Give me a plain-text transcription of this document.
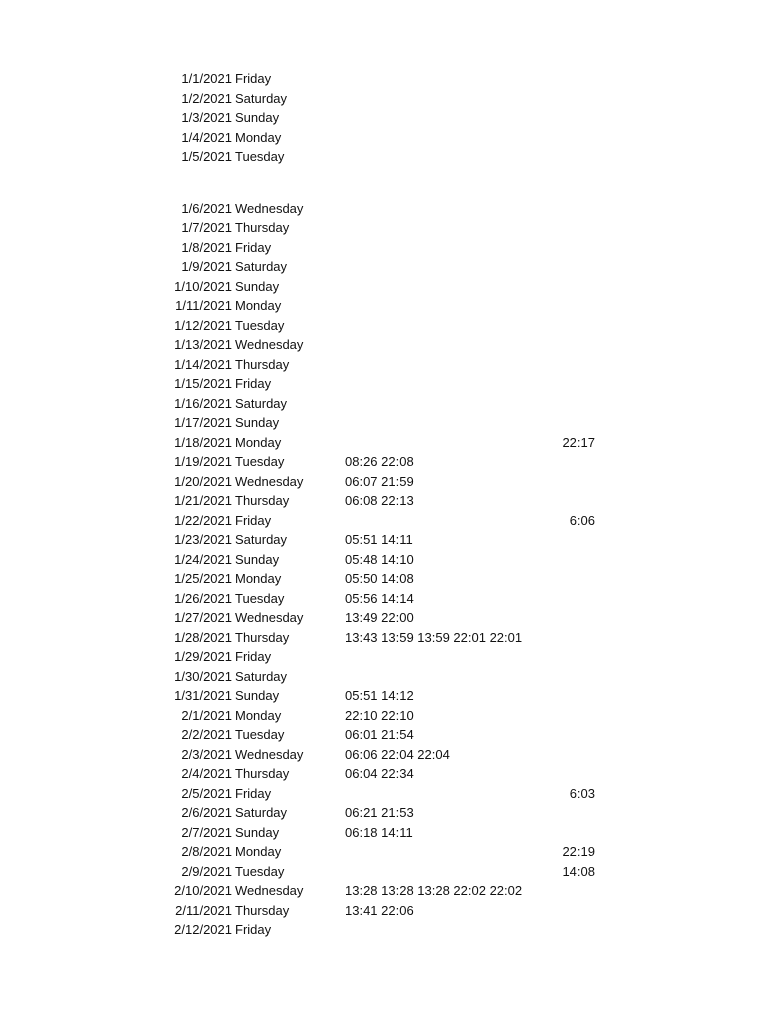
1/1/2021 Friday
1/2/2021 Saturday
1/3/2021 Sunday
1/4/2021 Monday
1/5/2021 Tuesday
1/6/2021 Wednesday
1/7/2021 Thursday
1/8/2021 Friday
1/9/2021 Saturday
1/10/2021 Sunday
1/11/2021 Monday
1/12/2021 Tuesday
1/13/2021 Wednesday
1/14/2021 Thursday
1/15/2021 Friday
1/16/2021 Saturday
1/17/2021 Sunday
1/18/2021 Monday	22:17
1/19/2021 Tuesday	08:26 22:08
1/20/2021 Wednesday	06:07 21:59
1/21/2021 Thursday	06:08 22:13
1/22/2021 Friday	6:06
1/23/2021 Saturday	05:51 14:11
1/24/2021 Sunday	05:48 14:10
1/25/2021 Monday	05:50 14:08
1/26/2021 Tuesday	05:56 14:14
1/27/2021 Wednesday	13:49 22:00
1/28/2021 Thursday	13:43 13:59 13:59 22:01 22:01
1/29/2021 Friday
1/30/2021 Saturday
1/31/2021 Sunday	05:51 14:12
2/1/2021 Monday	22:10 22:10
2/2/2021 Tuesday	06:01 21:54
2/3/2021 Wednesday	06:06 22:04 22:04
2/4/2021 Thursday	06:04 22:34
2/5/2021 Friday	6:03
2/6/2021 Saturday	06:21 21:53
2/7/2021 Sunday	06:18 14:11
2/8/2021 Monday	22:19
2/9/2021 Tuesday	14:08
2/10/2021 Wednesday	13:28 13:28 13:28 22:02 22:02
2/11/2021 Thursday	13:41 22:06
2/12/2021 Friday
